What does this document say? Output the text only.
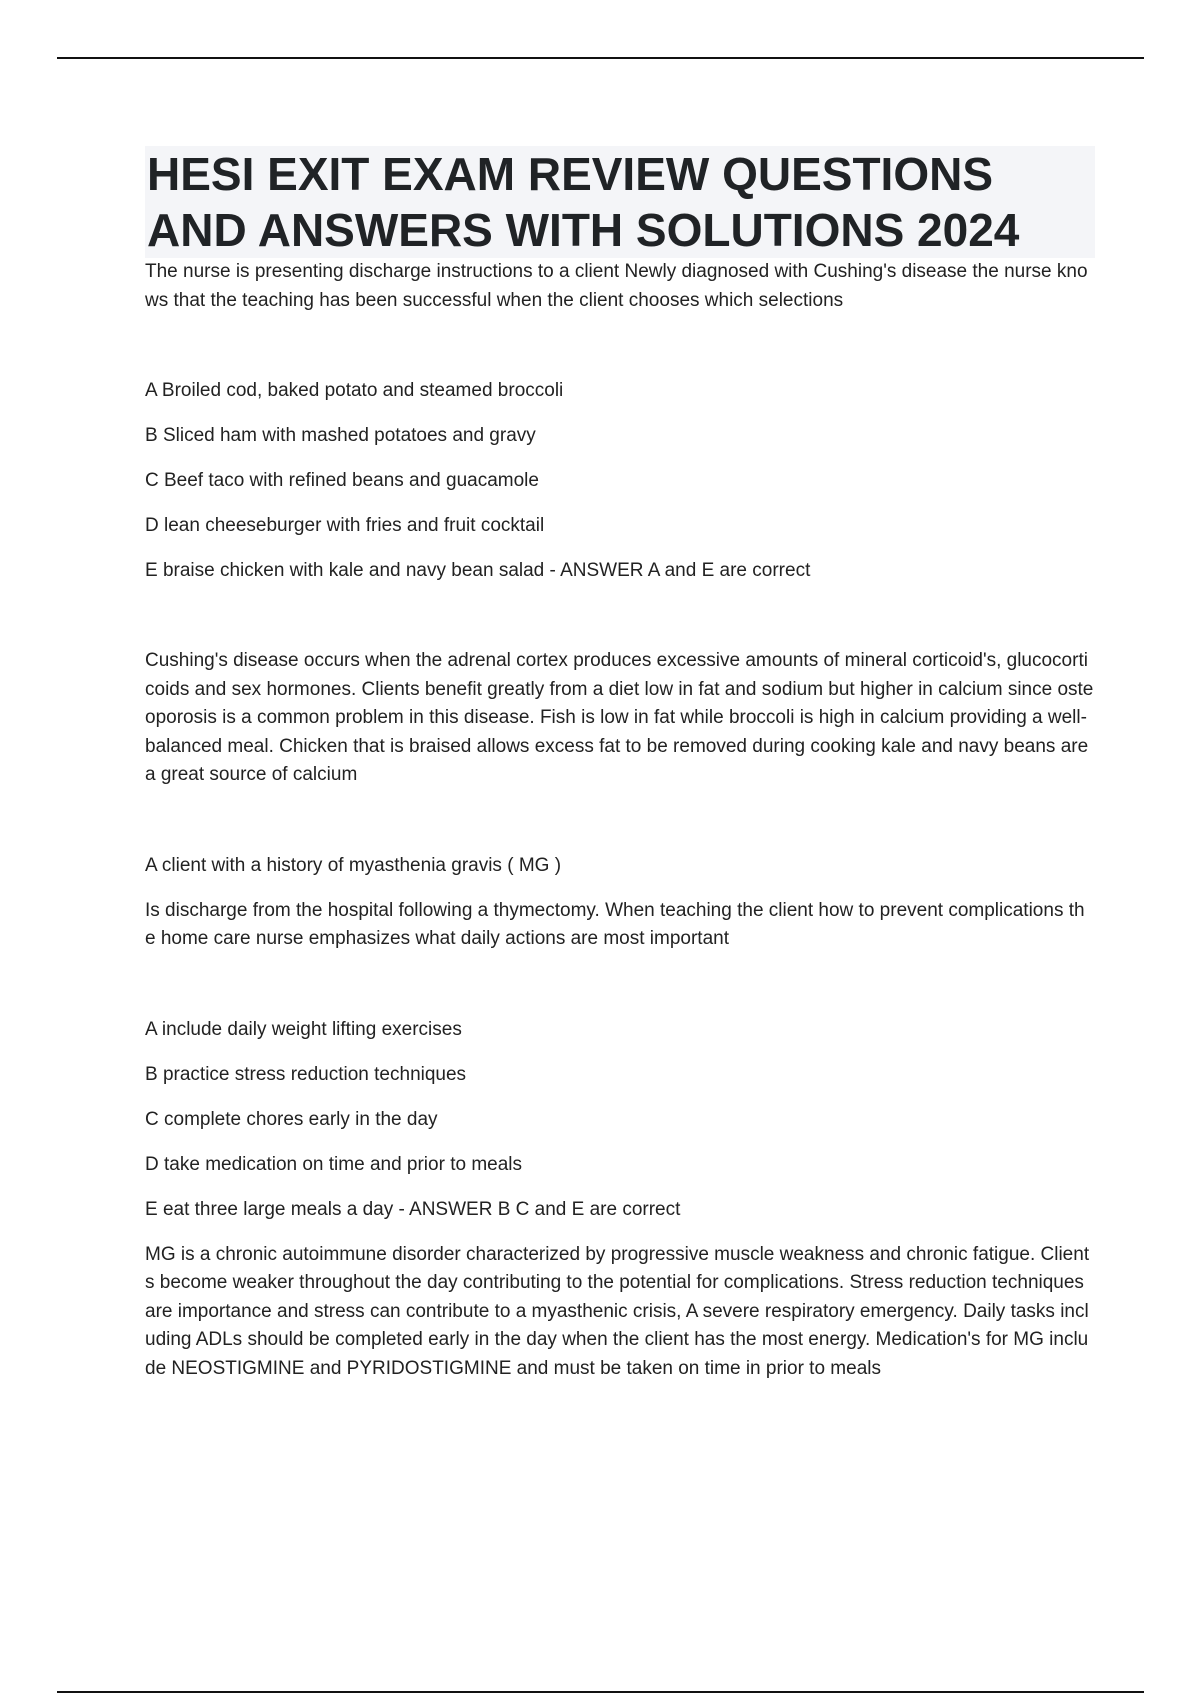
HESI EXIT EXAM REVIEW QUESTIONS AND ANSWERS WITH SOLUTIONS 2024

The nurse is presenting discharge instructions to a client Newly diagnosed with Cushing's disease the nurse knows that the teaching has been successful when the client chooses which selections

A Broiled cod, baked potato and steamed broccoli

B Sliced ham with mashed potatoes and gravy

C Beef taco with refined beans and guacamole

D lean cheeseburger with fries and fruit cocktail

E braise chicken with kale and navy bean salad - ANSWER A and E are correct

Cushing's disease occurs when the adrenal cortex produces excessive amounts of mineral corticoid's, glucocorticoids and sex hormones. Clients benefit greatly from a diet low in fat and sodium but higher in calcium since osteoporosis is a common problem in this disease. Fish is low in fat while broccoli is high in calcium providing a well-

balanced meal. Chicken that is braised allows excess fat to be removed during cooking kale and navy beans are a great source of calcium

A client with a history of myasthenia gravis ( MG )

Is discharge from the hospital following a thymectomy. When teaching the client how to prevent complications the home care nurse emphasizes what daily actions are most important

A include daily weight lifting exercises

B practice stress reduction techniques

C complete chores early in the day

D take medication on time and prior to meals

E eat three large meals a day - ANSWER B C and E are correct

MG is a chronic autoimmune disorder characterized by progressive muscle weakness and chronic fatigue. Clients become weaker throughout the day contributing to the potential for complications. Stress reduction techniques are importance and stress can contribute to a myasthenic crisis, A severe respiratory emergency. Daily tasks including ADLs should be completed early in the day when the client has the most energy. Medication's for MG include NEOSTIGMINE and PYRIDOSTIGMINE and must be taken on time in prior to meals
